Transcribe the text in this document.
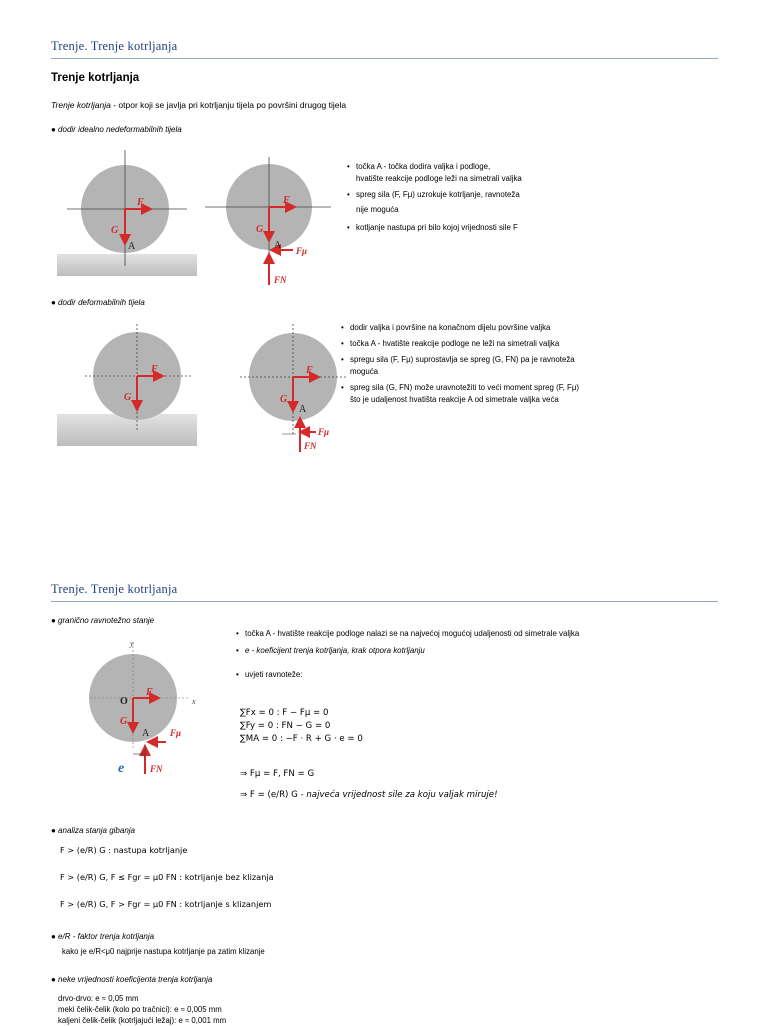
Trenje. Trenje kotrljanja
Trenje kotrljanja
Trenje kotrljanja - otpor koji se javlja pri kotrljanju tijela po površini drugog tijela
● dodir idealno nedeformabilnih tijela
F
G
A
F
G
A Fμ
FN
• točka A - točka dodira valjka i podloge,
hvatište reakcije podloge leži na simetrali valjka
• spreg sila (F, Fμ) uzrokuje kotrljanje, ravnoteža
nije moguća
• kotljanje nastupa pri bilo kojoj vrijednosti sile F
● dodir deformabilnih tijela
F
G
F
G
A
Fμ
FN
• dodir valjka i površine na konačnom dijelu površine valjka
• točka A - hvatište reakcije podloge ne leži na simetrali valjka
• spregu sila (F, Fμ) suprostavlja se spreg (G, FN) pa je ravnoteža moguća
• spreg sila (G, FN) može uravnotežiti to veći moment spreg (F, Fμ) što je udaljenost hvatišta reakcije A od simetrale valjka veća
Trenje. Trenje kotrljanja
● granično ravnotežno stanje
y
x
O
F
G
A Fμ
FN
e
• točka A - hvatište reakcije podloge nalazi se na najvećoj mogućoj udaljenosti od simetrale valjka
• e - koeficijent trenja kotrljanja, krak otpora kotrljanju
• uvjeti ravnoteže:
∑Fx = 0 : F − Fμ = 0
∑Fy = 0 : FN − G = 0
∑MA = 0 : −F · R + G · e = 0
⇒ Fμ = F, FN = G
⇒ F = (e/R) G - najveća vrijednost sile za koju valjak miruje!
● analiza stanja gibanja
F > (e/R) G : nastupa kotrljanje
F > (e/R) G, F ≤ Fgr = μ0 FN : kotrljanje bez klizanja
F > (e/R) G, F > Fgr = μ0 FN : kotrljanje s klizanjem
● e/R - faktor trenja kotrljanja
kako je e/R<μ0 najprije nastupa kotrljanje pa zatim klizanje
● neke vrijednosti koeficijenta trenja kotrljanja
drvo-drvo: e ≈ 0,05 mm
meki čelik-čelik (kolo po tračnici): e ≈ 0,005 mm
kaljeni čelik-čelik (kotrljajući ležaj): e ≈ 0,001 mm
